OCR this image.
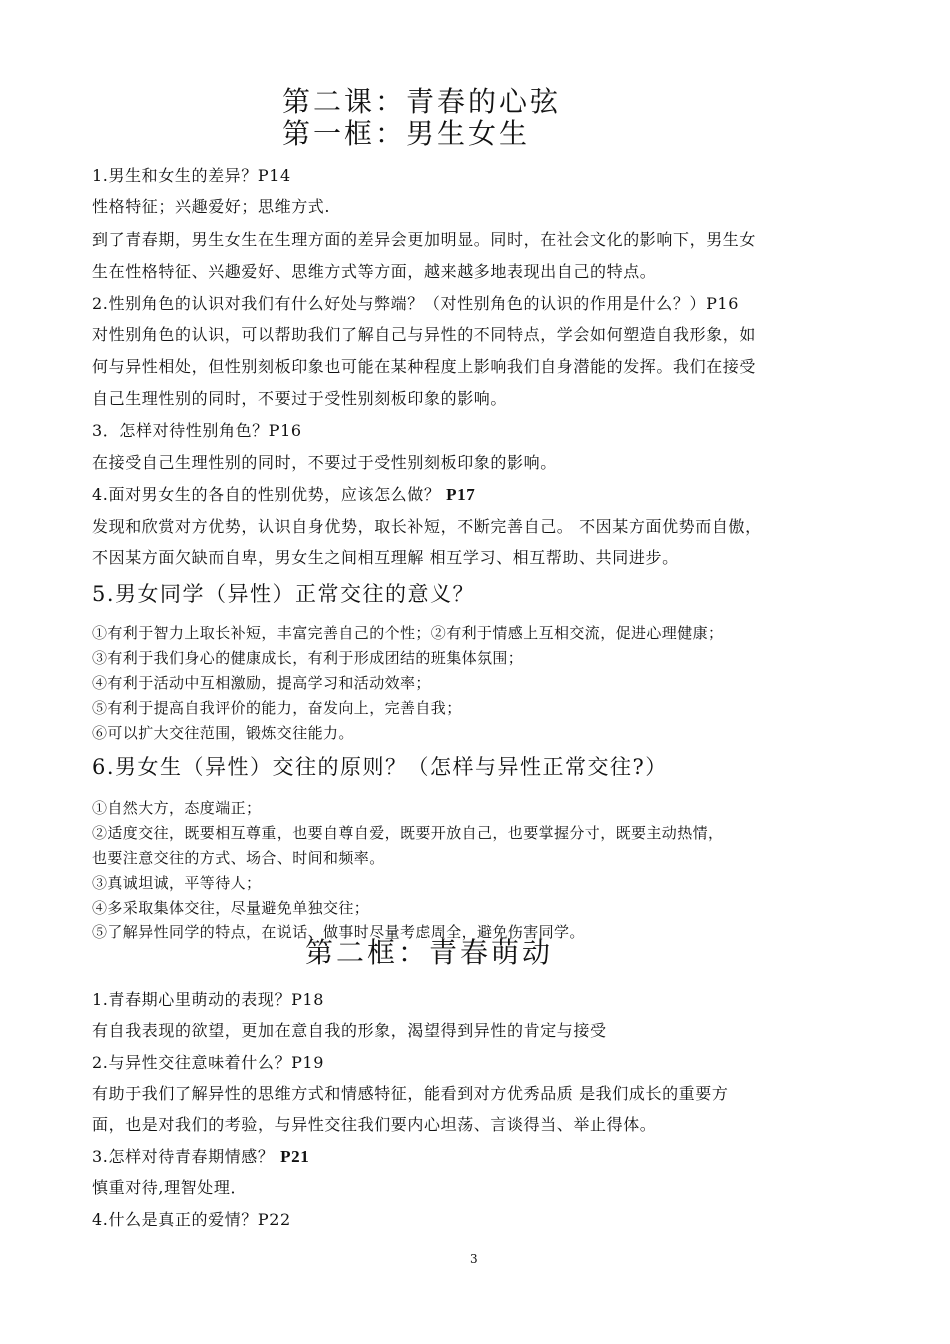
第二课：青春的心弦
第一框：男生女生
1.男生和女生的差异？P14
性格特征；兴趣爱好；思维方式.
到了青春期，男生女生在生理方面的差异会更加明显。同时，在社会文化的影响下，男生女
生在性格特征、兴趣爱好、思维方式等方面，越来越多地表现出自己的特点。
2.性别角色的认识对我们有什么好处与弊端？（对性别角色的认识的作用是什么？）P16
对性别角色的认识，可以帮助我们了解自己与异性的不同特点，学会如何塑造自我形象，如
何与异性相处，但性别刻板印象也可能在某种程度上影响我们自身潜能的发挥。我们在接受
自己生理性别的同时，不要过于受性别刻板印象的影响。
3．怎样对待性别角色？P16
在接受自己生理性别的同时，不要过于受性别刻板印象的影响。
4.面对男女生的各自的性别优势，应该怎么做？ P17
发现和欣赏对方优势，认识自身优势，取长补短，不断完善自己。 不因某方面优势而自傲，
不因某方面欠缺而自卑，男女生之间相互理解 相互学习、相互帮助、共同进步。
5.男女同学（异性）正常交往的意义？
①有利于智力上取长补短，丰富完善自己的个性；②有利于情感上互相交流，促进心理健康；
③有利于我们身心的健康成长，有利于形成团结的班集体氛围；
④有利于活动中互相激励，提高学习和活动效率；
⑤有利于提高自我评价的能力，奋发向上，完善自我；
⑥可以扩大交往范围，锻炼交往能力。
6.男女生（异性）交往的原则？（怎样与异性正常交往?）
①自然大方，态度端正；
②适度交往，既要相互尊重，也要自尊自爱，既要开放自己，也要掌握分寸，既要主动热情，
也要注意交往的方式、场合、时间和频率。
③真诚坦诚，平等待人；
④多采取集体交往，尽量避免单独交往；
⑤了解异性同学的特点，在说话、做事时尽量考虑周全，避免伤害同学。
第二框：青春萌动
1.青春期心里萌动的表现？P18
有自我表现的欲望，更加在意自我的形象，渴望得到异性的肯定与接受
2.与异性交往意味着什么？P19
有助于我们了解异性的思维方式和情感特征，能看到对方优秀品质 是我们成长的重要方
面，也是对我们的考验，与异性交往我们要内心坦荡、言谈得当、举止得体。
3.怎样对待青春期情感？ P21
慎重对待,理智处理．
4.什么是真正的爱情？P22
3
